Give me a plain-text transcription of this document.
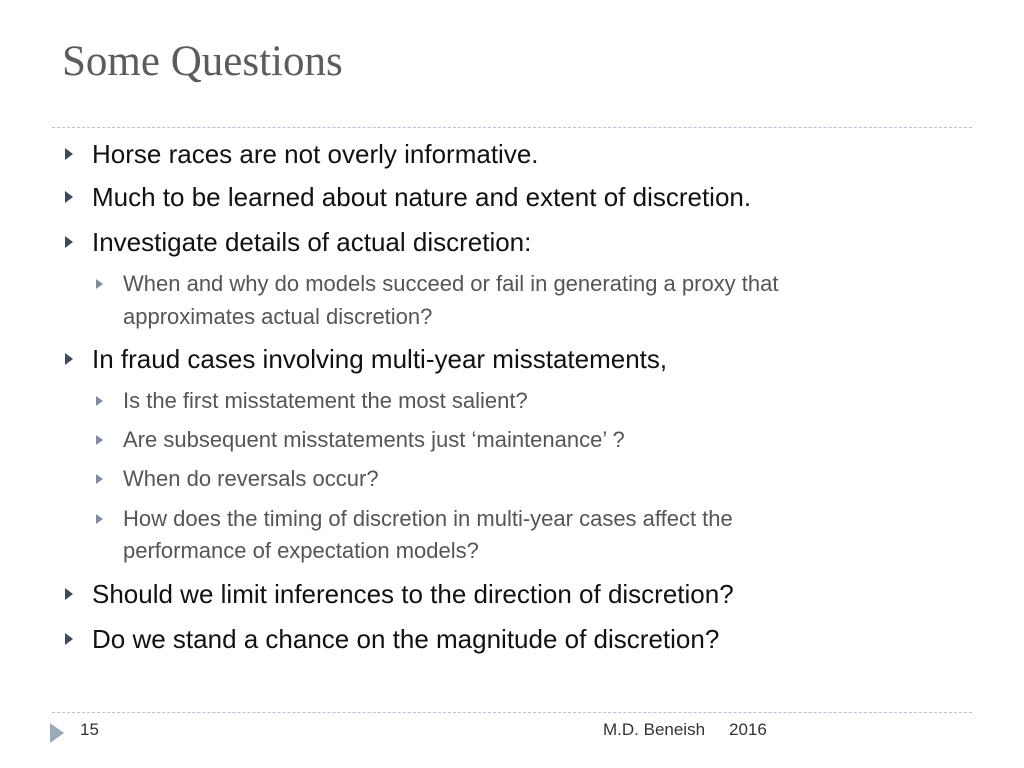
Some Questions
Horse races are not overly informative.
Much to be learned about nature and extent of discretion.
Investigate details of actual discretion:
When and why do models succeed or fail in generating a proxy that
approximates actual discretion?
In fraud cases involving multi-year misstatements,
Is the first misstatement the most salient?
Are subsequent misstatements just ‘maintenance’ ?
When do reversals occur?
How does the timing of discretion in multi-year cases affect the
performance of expectation models?
Should we limit inferences to the direction of discretion?
Do we stand a chance on the magnitude of discretion?
15	M.D. Beneish 2016
